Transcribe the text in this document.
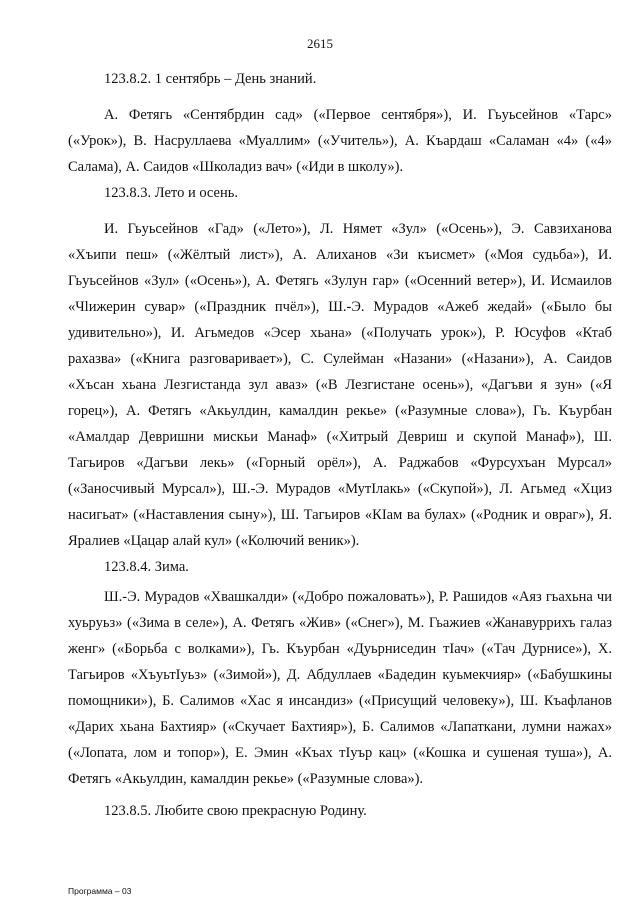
2615

123.8.2. 1 сентябрь – День знаний.

А. Фетягь «Сентябрдин сад» («Первое сентября»), И. Гьуьсейнов «Тарс» («Урок»), В. Насруллаева «Муаллим» («Учитель»), А. Къардаш «Саламан «4» («4» Салама), А. Саидов «Школадиз вач» («Иди в школу»).

123.8.3. Лето и осень.

И. Гьуьсейнов «Гад» («Лето»), Л. Нямет «Зул» («Осень»), Э. Савзиханова «Хъипи пеш» («Жёлтый лист»), А. Алиханов «Зи къисмет» («Моя судьба»), И. Гьуьсейнов «Зул» («Осень»), А. Фетягь «Зулун гар» («Осенний ветер»), И. Исмаилов «Чlижерин сувар» («Праздник пчёл»), Ш.-Э. Мурадов «Ажеб жедай» («Было бы удивительно»), И. Агьмедов «Эсер хьана» («Получать урок»), Р. Юсуфов «Ктаб рахазва» («Книга разговаривает»), С. Сулейман «Назани» («Назани»), А. Саидов «Хъсан хьана Лезгистанда зул аваз» («В Лезгистане осень»), «Дагъви я зун» («Я горец»), А. Фетягь «Акьулдин, камалдин рекье» («Разумные слова»), Гь. Къурбан «Амалдар Девришни мискьи Манаф» («Хитрый Девриш и скупой Манаф»), Ш. Тагьиров «Дагъви лекь» («Горный орёл»), А. Раджабов «Фурсухъан Мурсал» («Заносчивый Мурсал»), Ш.-Э. Мурадов «МутIлакь» («Скупой»), Л. Агьмед «Хциз насигьат» («Наставления сыну»), Ш. Тагьиров «КIам ва булах» («Родник и овраг»), Я. Яралиев «Цацар алай кул» («Колючий веник»).

123.8.4. Зима.

Ш.-Э. Мурадов «Хвашкалди» («Добро пожаловать»), Р. Рашидов «Аяз гьахьна чи хуьруьз» («Зима в селе»), А. Фетягь «Жив» («Снег»), М. Гьажиев «Жанавуррихъ галаз женг» («Борьба с волками»), Гь. Къурбан «Дуьрниседин тIач» («Тач Дурнисе»), Х. Тагьиров «ХъуьтIуьз» («Зимой»), Д. Абдуллаев «Бадедин куьмекчияр» («Бабушкины помощники»), Б. Салимов «Хас я инсандиз» («Присущий человеку»), Ш. Къафланов «Дарих хьана Бахтияр» («Скучает Бахтияр»), Б. Салимов «Лапаткани, лумни нажах» («Лопата, лом и топор»), Е. Эмин «Къах тIуър кац» («Кошка и сушеная туша»), А. Фетягь «Акьулдин, камалдин рекье» («Разумные слова»).

123.8.5. Любите свою прекрасную Родину.

Программа – 03
